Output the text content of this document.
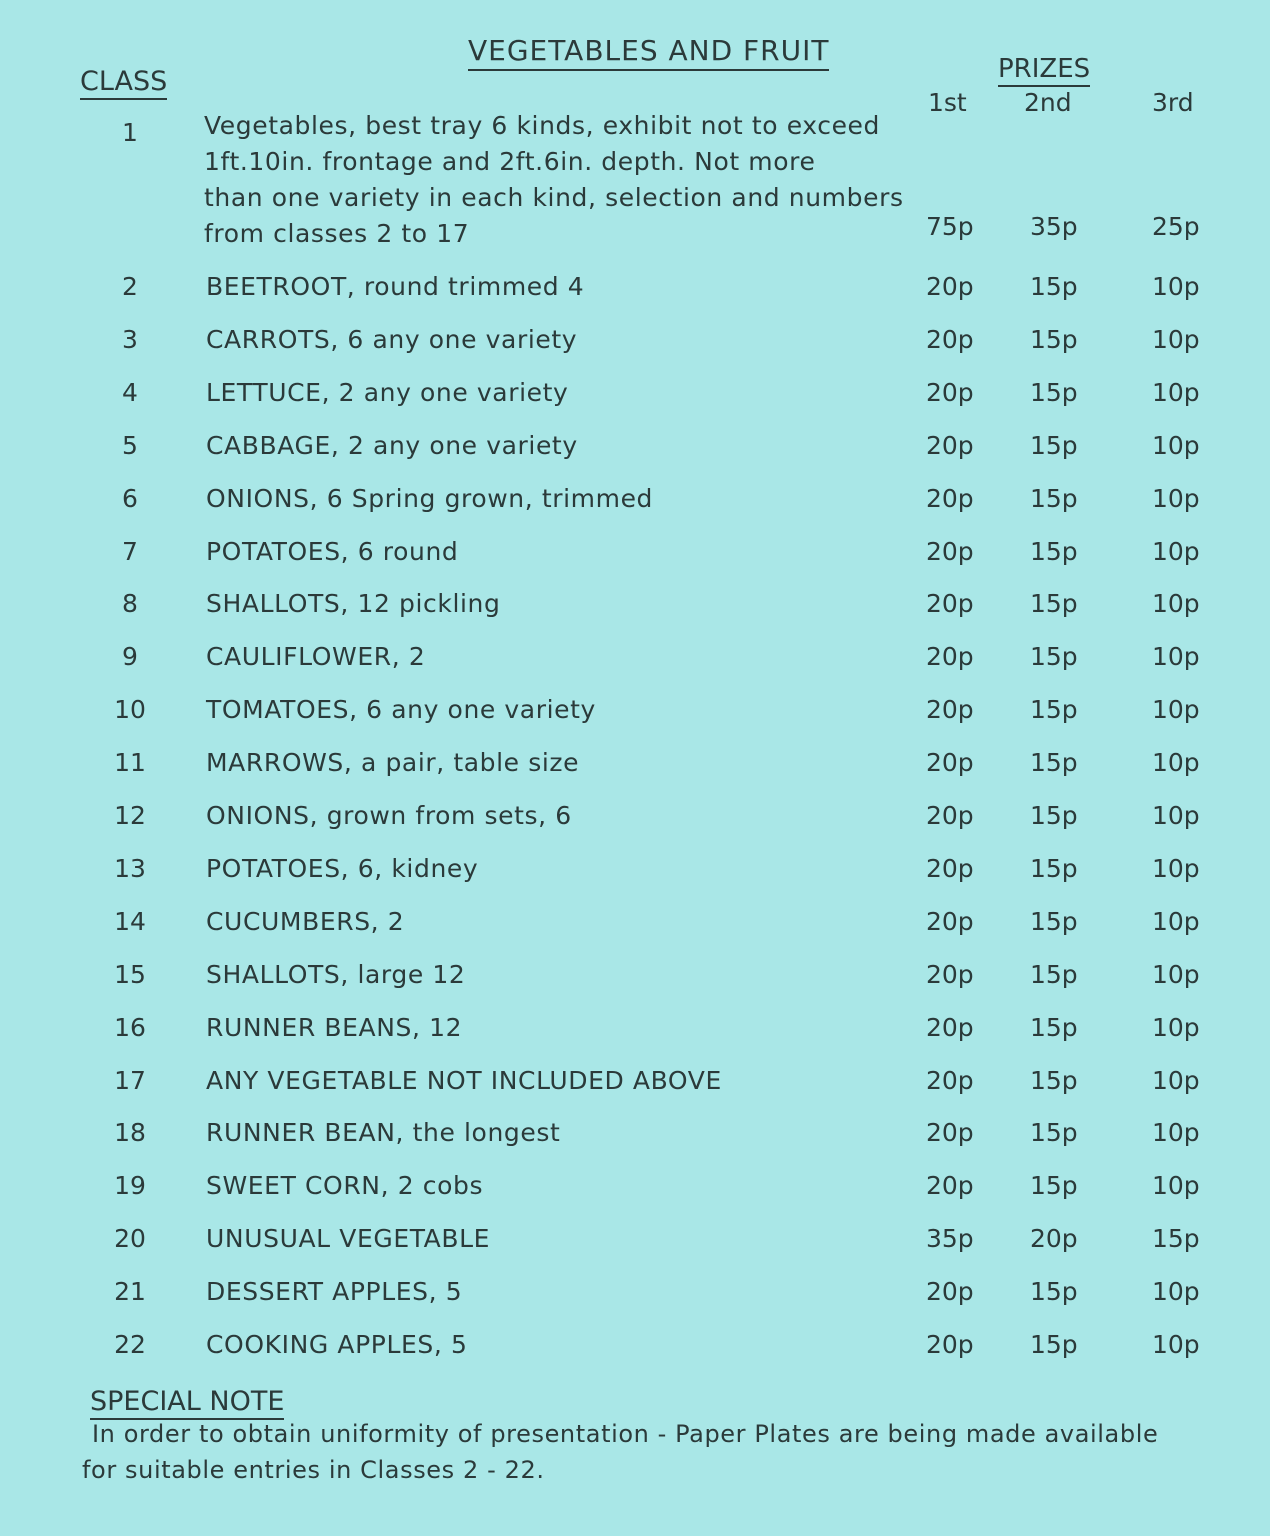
VEGETABLES AND FRUIT
CLASS	PRIZES
1st 2nd	3rd
1	Vegetables, best tray 6 kinds, exhibit not to exceed
1ft.10in. frontage and 2ft.6in. depth. Not more
than one variety in each kind, selection and numbers
from classes 2 to 17	75p 35p	25p
2	BEETROOT, round trimmed 4	20p 15p	10p
3	CARROTS, 6 any one variety	20p 15p	10p
4	LETTUCE, 2 any one variety	20p 15p	10p
5	CABBAGE, 2 any one variety	20p 15p	10p
6	ONIONS, 6 Spring grown, trimmed	20p 15p	10p
7	POTATOES, 6 round	20p 15p	10p
8	SHALLOTS, 12 pickling	20p 15p	10p
9	CAULIFLOWER, 2	20p 15p	10p
10	TOMATOES, 6 any one variety	20p 15p	10p
11	MARROWS, a pair, table size	20p 15p	10p
12	ONIONS, grown from sets, 6	20p 15p	10p
13	POTATOES, 6, kidney	20p 15p	10p
14	CUCUMBERS, 2	20p 15p	10p
15	SHALLOTS, large 12	20p 15p	10p
16	RUNNER BEANS, 12	20p 15p	10p
17	ANY VEGETABLE NOT INCLUDED ABOVE	20p 15p	10p
18	RUNNER BEAN, the longest	20p 15p	10p
19	SWEET CORN, 2 cobs	20p 15p	10p
20	UNUSUAL VEGETABLE	35p 20p	15p
21	DESSERT APPLES, 5	20p 15p	10p
22	COOKING APPLES, 5	20p 15p	10p
SPECIAL NOTE
In order to obtain uniformity of presentation - Paper Plates are being made available
for suitable entries in Classes 2 - 22.
